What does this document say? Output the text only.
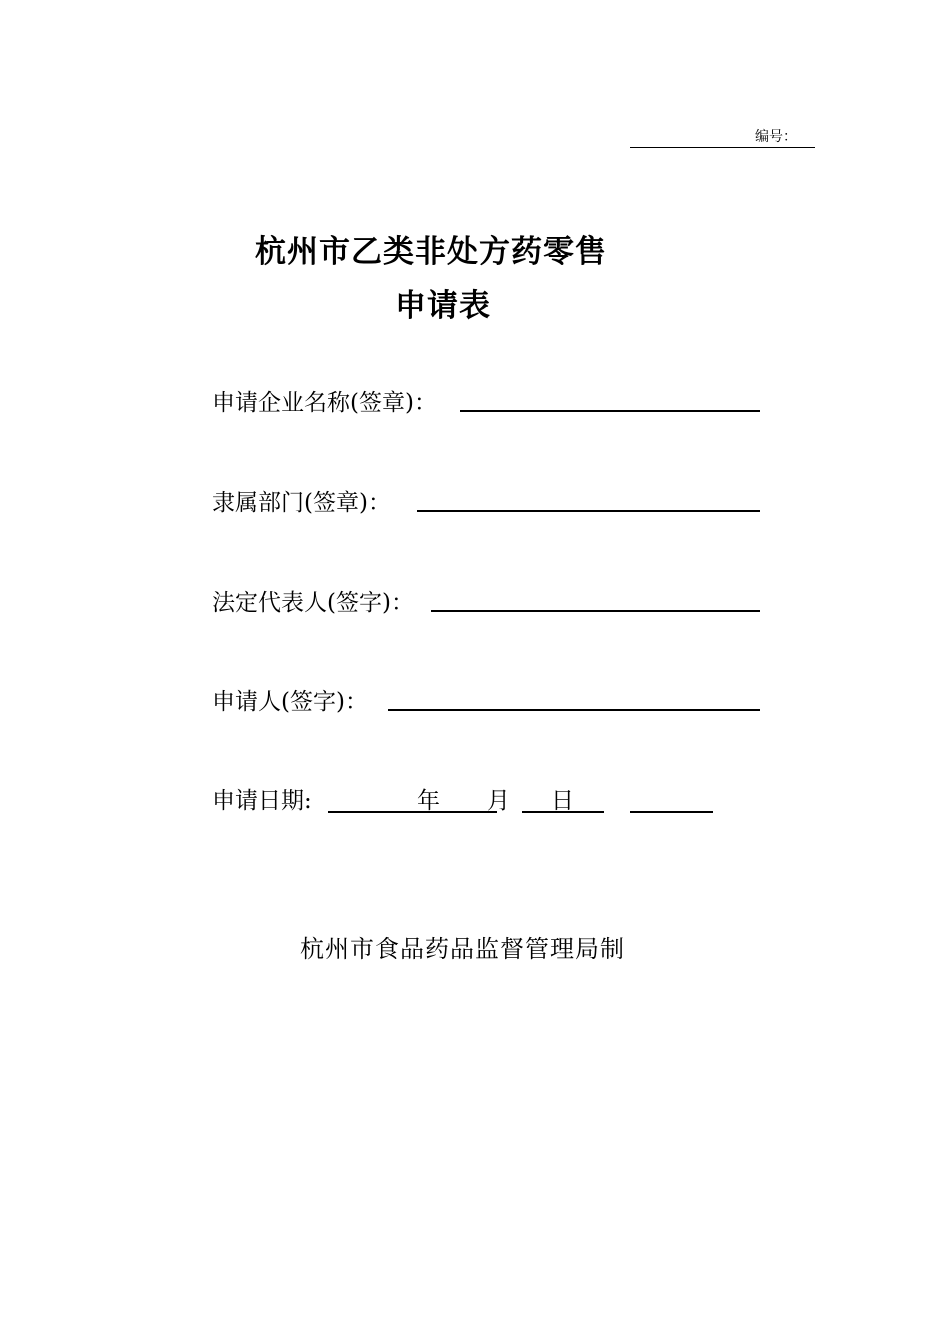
编号：
杭州市乙类非处方药零售
申请表
申请企业名称(签章)：
隶属部门(签章)：
法定代表人(签字)：
申请人(签字)：
申请日期:	年 月 日
杭州市食品药品监督管理局制
